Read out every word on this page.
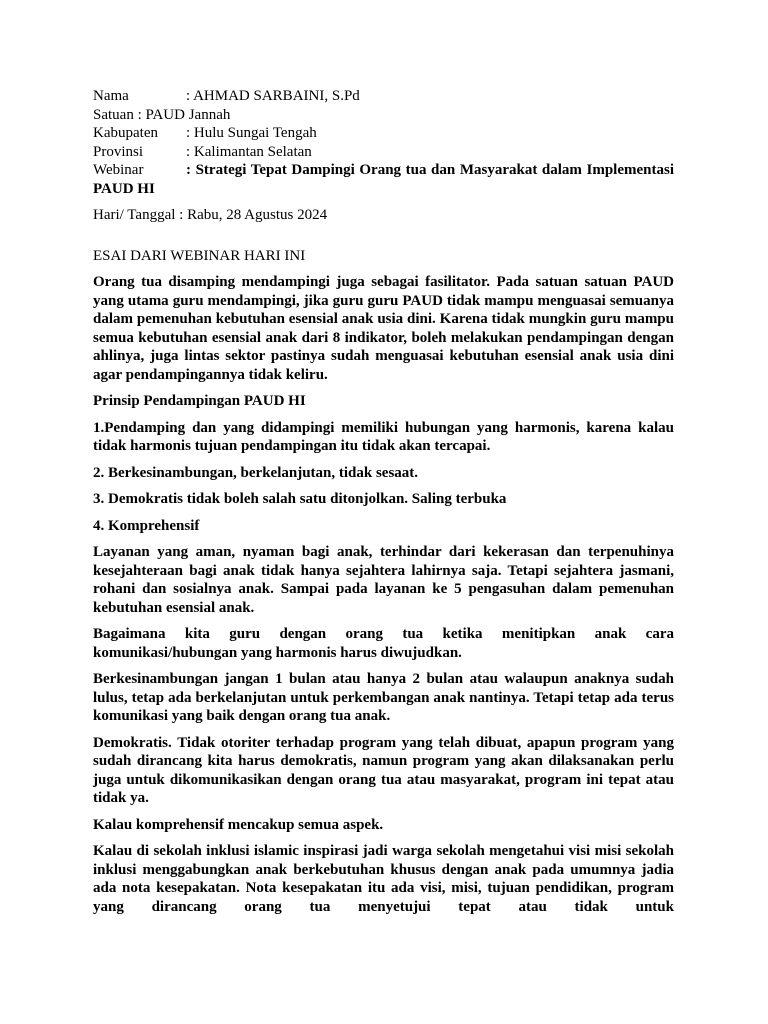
Nama	: AHMAD SARBAINI, S.Pd
Satuan : PAUD Jannah
Kabupaten	: Hulu Sungai Tengah
Provinsi	: Kalimantan Selatan
Webinar	: Strategi Tepat Dampingi Orang tua dan Masyarakat dalam Implementasi PAUD HI
Hari/ Tanggal : Rabu, 28 Agustus 2024
ESAI DARI WEBINAR HARI INI
Orang tua disamping mendampingi juga sebagai fasilitator. Pada satuan satuan PAUD yang utama guru mendampingi, jika guru guru PAUD tidak mampu menguasai semuanya dalam pemenuhan kebutuhan esensial anak usia dini. Karena tidak mungkin guru mampu semua kebutuhan esensial anak dari 8 indikator, boleh melakukan pendampingan dengan ahlinya, juga lintas sektor pastinya sudah menguasai kebutuhan esensial anak usia dini agar pendampingannya tidak keliru.
Prinsip Pendampingan PAUD HI
1.Pendamping dan yang didampingi memiliki hubungan yang harmonis, karena kalau tidak harmonis tujuan pendampingan itu tidak akan tercapai.
2. Berkesinambungan, berkelanjutan, tidak sesaat.
3. Demokratis tidak boleh salah satu ditonjolkan. Saling terbuka
4. Komprehensif
Layanan yang aman, nyaman bagi anak, terhindar dari kekerasan dan terpenuhinya kesejahteraan bagi anak tidak hanya sejahtera lahirnya saja. Tetapi sejahtera jasmani, rohani dan sosialnya anak. Sampai pada layanan ke 5 pengasuhan dalam pemenuhan kebutuhan esensial anak.
Bagaimana kita guru dengan orang tua ketika menitipkan anak cara komunikasi/hubungan yang harmonis harus diwujudkan.
Berkesinambungan jangan 1 bulan atau hanya 2 bulan atau walaupun anaknya sudah lulus, tetap ada berkelanjutan untuk perkembangan anak nantinya. Tetapi tetap ada terus komunikasi yang baik dengan orang tua anak.
Demokratis. Tidak otoriter terhadap program yang telah dibuat, apapun program yang sudah dirancang kita harus demokratis, namun program yang akan dilaksanakan perlu juga untuk dikomunikasikan dengan orang tua atau masyarakat, program ini tepat atau tidak ya.
Kalau komprehensif mencakup semua aspek.
Kalau di sekolah inklusi islamic inspirasi jadi warga sekolah mengetahui visi misi sekolah inklusi menggabungkan anak berkebutuhan khusus dengan anak pada umumnya jadia ada nota kesepakatan. Nota kesepakatan itu ada visi, misi, tujuan pendidikan, program yang dirancang orang tua menyetujui tepat atau tidak untuk
